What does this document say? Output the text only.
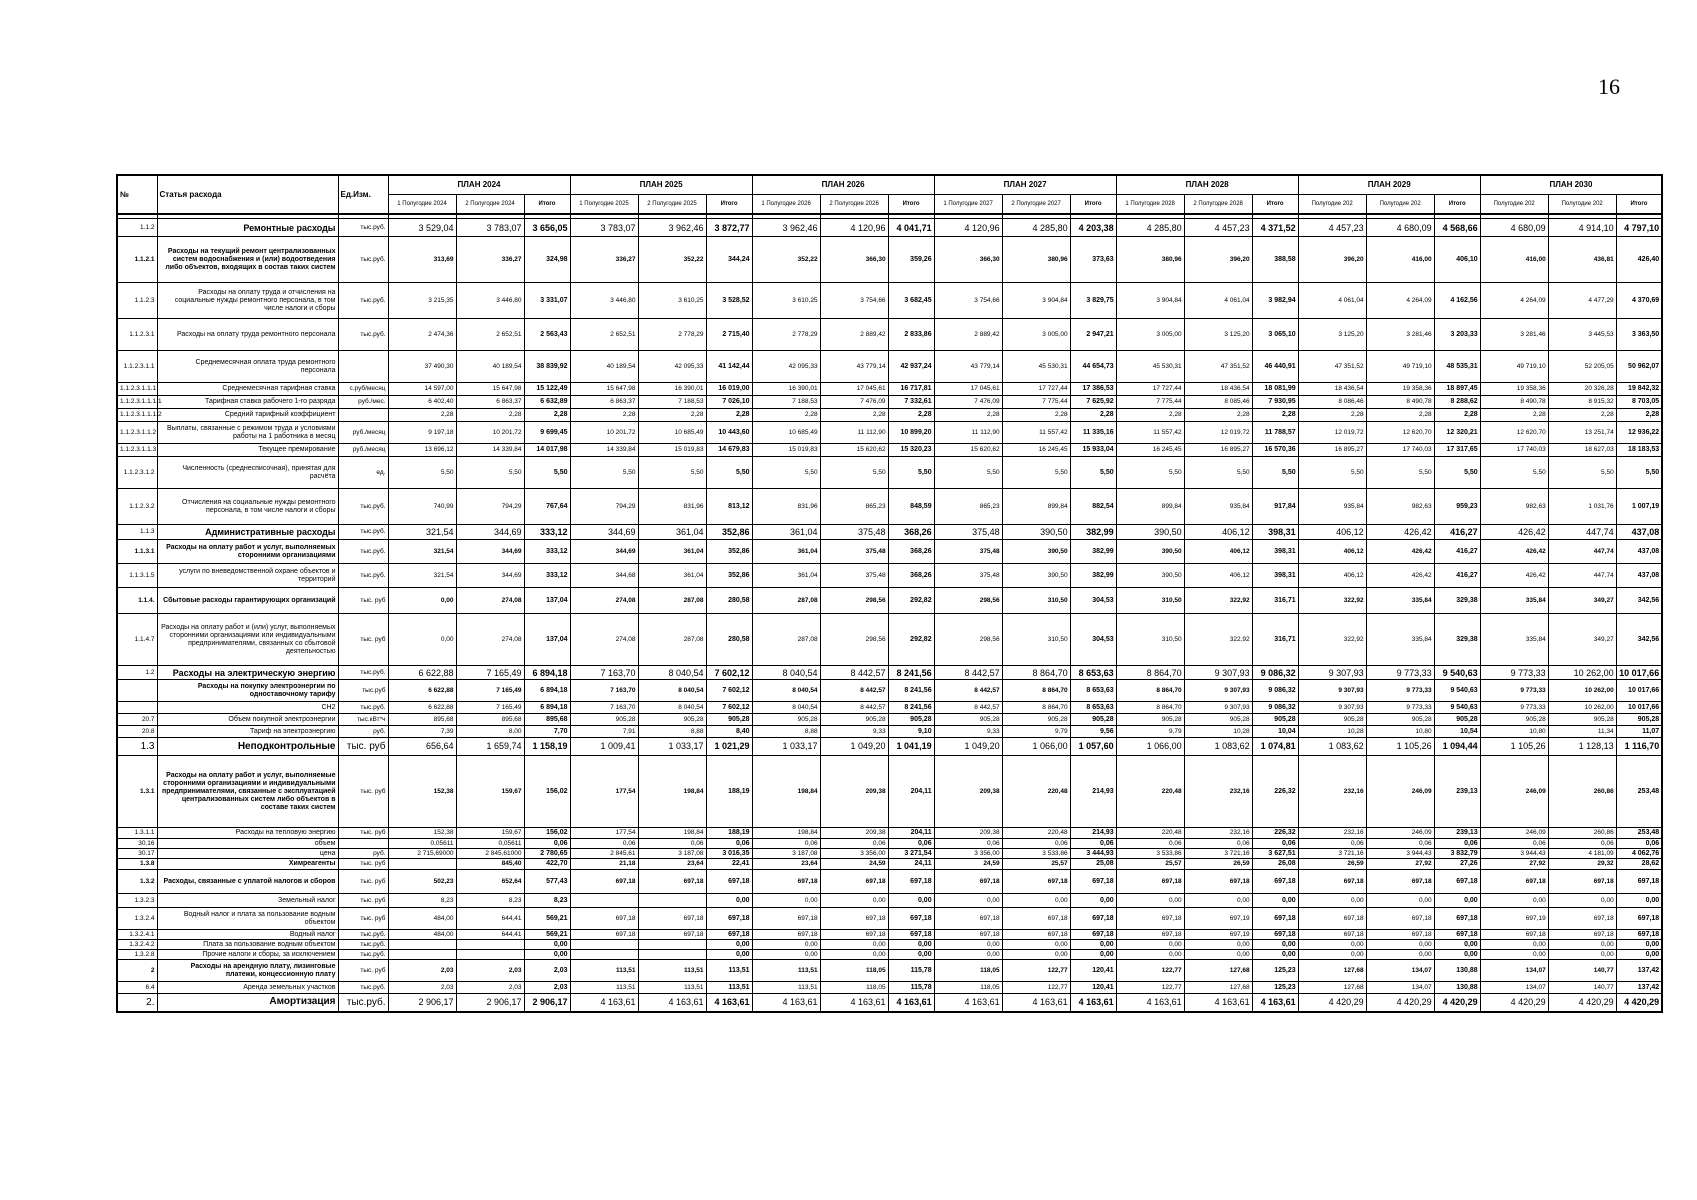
16
№	Статья расхода	Ед.Изм.	ПЛАН 2024			ПЛАН 2025			ПЛАН 2026			ПЛАН 2027			ПЛАН 2028			ПЛАН 2029			ПЛАН 2030		
			1 Полугодие 2024	2 Полугодие 2024	Итого	1 Полугодие 2025	2 Полугодие 2025	Итого	1 Полугодие 2026	2 Полугодие 2026	Итого	1 Полугодие 2027	2 Полугодие 2027	Итого	1 Полугодие 2028	2 Полугодие 2028	Итого	Полугодие 202	Полугодие 202	Итого	Полугодие 202	Полугодие 202	Итого

1.1.2	Ремонтные расходы	тыс.руб.	3 529,04	3 783,07	3 656,05	3 783,07	3 962,46	3 872,77	3 962,46	4 120,96	4 041,71	4 120,96	4 285,80	4 203,38	4 285,80	4 457,23	4 371,52	4 457,23	4 680,09	4 568,66	4 680,09	4 914,10	4 797,10
1.1.2.1	Расходы на текущий ремонт централизованных систем водоснабжения и (или) водоотведения либо объектов, входящих в состав таких систем	тыс.руб.	313,69	336,27	324,98	336,27	352,22	344,24	352,22	366,30	359,26	366,30	380,96	373,63	380,96	396,20	388,58	396,20	416,00	406,10	416,00	436,81	426,40
1.1.2.3	Расходы на оплату труда и отчисления на социальные нужды ремонтного персонала, в том числе налоги и сборы	тыс.руб.	3 215,35	3 446,80	3 331,07	3 446,80	3 610,25	3 528,52	3 610,25	3 754,66	3 682,45	3 754,66	3 904,84	3 829,75	3 904,84	4 061,04	3 982,94	4 061,04	4 264,09	4 162,56	4 264,09	4 477,29	4 370,69
1.1.2.3.1	Расходы на оплату труда ремонтного персонала	тыс.руб.	2 474,36	2 652,51	2 563,43	2 652,51	2 778,29	2 715,40	2 778,29	2 889,42	2 833,86	2 889,42	3 005,00	2 947,21	3 005,00	3 125,20	3 065,10	3 125,20	3 281,46	3 203,33	3 281,46	3 445,53	3 363,50
1.1.2.3.1.1	Среднемесячная оплата труда ремонтного персонала		37 490,30	40 189,54	38 839,92	40 189,54	42 095,33	41 142,44	42 095,33	43 779,14	42 937,24	43 779,14	45 530,31	44 654,73	45 530,31	47 351,52	46 440,91	47 351,52	49 719,10	48 535,31	49 719,10	52 205,05	50 962,07
1.1.2.3.1.1.1	Среднемесячная тарифная ставка	с.руб/месяц	14 597,00	15 647,98	15 122,49	15 647,98	16 390,01	16 019,00	16 390,01	17 045,61	16 717,81	17 045,61	17 727,44	17 386,53	17 727,44	18 436,54	18 081,99	18 436,54	19 358,36	18 897,45	19 358,36	20 326,28	19 842,32
1.1.2.3.1.1.1.1	Тарифная ставка рабочего 1-го разряда	руб./мес.	6 402,40	6 863,37	6 632,89	6 863,37	7 188,53	7 026,10	7 188,53	7 476,09	7 332,61	7 476,09	7 775,44	7 625,92	7 775,44	8 085,46	7 930,95	8 086,46	8 490,78	8 288,62	8 490,78	8 915,32	8 703,05
1.1.2.3.1.1.1.2	Средний тарифный коэффициент		2,28	2,28	2,28	2,28	2,28	2,28	2,28	2,28	2,28	2,28	2,28	2,28	2,28	2,28	2,28	2,28	2,28	2,28	2,28	2,28	2,28
1.1.2.3.1.1.2	Выплаты, связанные с режимом труда и условиями работы на 1 работника в месяц	руб./месяц	9 197,18	10 201,72	9 699,45	10 201,72	10 685,49	10 443,60	10 685,49	11 112,90	10 899,20	11 112,90	11 557,42	11 335,16	11 557,42	12 019,72	11 788,57	12 019,72	12 620,70	12 320,21	12 620,70	13 251,74	12 936,22
1.1.2.3.1.1.3	Текущее премирование	руб./месяц	13 696,12	14 339,84	14 017,98	14 339,84	15 019,83	14 679,83	15 019,83	15 620,62	15 320,23	15 620,62	16 245,45	15 933,04	16 245,45	16 895,27	16 570,36	16 895,27	17 740,03	17 317,65	17 740,03	18 627,03	18 183,53
1.1.2.3.1.2	Численность (среднесписочная), принятая для расчёта	ед.	5,50	5,50	5,50	5,50	5,50	5,50	5,50	5,50	5,50	5,50	5,50	5,50	5,50	5,50	5,50	5,50	5,50	5,50	5,50	5,50	5,50
1.1.2.3.2	Отчисления на социальные нужды ремонтного персонала, в том числе налоги и сборы	тыс.руб.	740,99	794,29	767,64	794,29	831,96	813,12	831,96	865,23	848,59	865,23	899,84	882,54	899,84	935,84	917,84	935,84	982,63	959,23	982,63	1 031,76	1 007,19
1.1.3	Административные расходы	тыс.руб.	321,54	344,69	333,12	344,69	361,04	352,86	361,04	375,48	368,26	375,48	390,50	382,99	390,50	406,12	398,31	406,12	426,42	416,27	426,42	447,74	437,08
1.1.3.1	Расходы на оплату работ и услуг, выполняемых сторонними организациями	тыс.руб.	321,54	344,69	333,12	344,69	361,04	352,86	361,04	375,48	368,26	375,48	390,50	382,99	390,50	406,12	398,31	406,12	426,42	416,27	426,42	447,74	437,08
1.1.3.1.5	услуги по вневедомственной охране объектов и территорий	тыс.руб.	321,54	344,69	333,12	344,68	361,04	352,86	361,04	375,48	368,26	375,48	390,50	382,99	390,50	406,12	398,31	406,12	426,42	416,27	426,42	447,74	437,08
1.1.4.	Сбытовые расходы гарантирующих организаций	тыс. руб	0,00	274,08	137,04	274,08	287,08	280,58	287,08	298,56	292,82	298,56	310,50	304,53	310,50	322,92	316,71	322,92	335,84	329,38	335,84	349,27	342,56
1.1.4.7	Расходы на оплату работ и (или) услуг, выполняемых сторонними организациями или индивидуальными предпринимателями, связанных со сбытовой деятельностью	тыс. руб	0,00	274,08	137,04	274,08	287,08	280,58	287,08	298,56	292,82	298,56	310,50	304,53	310,50	322,92	316,71	322,92	335,84	329,38	335,84	349,27	342,56
1.2	Расходы на электрическую энергию	тыс.руб.	6 622,88	7 165,49	6 894,18	7 163,70	8 040,54	7 602,12	8 040,54	8 442,57	8 241,56	8 442,57	8 864,70	8 653,63	8 864,70	9 307,93	9 086,32	9 307,93	9 773,33	9 540,63	9 773,33	10 262,00	10 017,66
	Расходы на покупку электроэнергии по одноставочному тарифу	тыс.руб	6 622,88	7 165,49	6 894,18	7 163,70	8 040,54	7 602,12	8 040,54	8 442,57	8 241,56	8 442,57	8 864,70	8 653,63	8 864,70	9 307,93	9 086,32	9 307,93	9 773,33	9 540,63	9 773,33	10 262,00	10 017,66
	СН2	тыс.руб.	6 622,88	7 165,49	6 894,18	7 163,70	8 040,54	7 602,12	8 040,54	8 442,57	8 241,56	8 442,57	8 864,70	8 653,63	8 864,70	9 307,93	9 086,32	9 307,93	9 773,33	9 540,63	9 773,33	10 262,00	10 017,66
20.7	Объем покупной электроэнергии	тыс.кВт*ч	895,68	895,68	895,68	905,28	905,28	905,28	905,28	905,28	905,28	905,28	905,28	905,28	905,28	905,28	905,28	905,28	905,28	905,28	905,28	905,28	905,28
20.8	Тариф на электроэнергию	руб.	7,39	8,00	7,70	7,91	8,88	8,40	8,88	9,33	9,10	9,33	9,79	9,56	9,79	10,28	10,04	10,28	10,80	10,54	10,80	11,34	11,07
1.3	Неподконтрольные	тыс. руб	656,64	1 659,74	1 158,19	1 009,41	1 033,17	1 021,29	1 033,17	1 049,20	1 041,19	1 049,20	1 066,00	1 057,60	1 066,00	1 083,62	1 074,81	1 083,62	1 105,26	1 094,44	1 105,26	1 128,13	1 116,70
1.3.1	Расходы на оплату работ и услуг, выполняемые сторонними организациями и индивидуальными предпринимателями, связанные с эксплуатацией централизованных систем либо объектов в составе таких систем	тыс. руб	152,38	159,67	156,02	177,54	198,84	188,19	198,84	209,38	204,11	209,38	220,48	214,93	220,48	232,16	226,32	232,16	246,09	239,13	246,09	260,86	253,48
1.3.1.1	Расходы на тепловую энергию	тыс. руб	152,38	159,67	156,02	177,54	198,84	188,19	198,84	209,38	204,11	209,38	220,48	214,93	220,48	232,16	226,32	232,16	246,09	239,13	246,09	260,86	253,48
30.16	объем		0,05611	0,05611	0,06	0,06	0,06	0,06	0,06	0,06	0,06	0,06	0,06	0,06	0,06	0,06	0,06	0,06	0,06	0,06	0,06	0,06	0,06
30.17	цена	руб.	2 715,69000	2 845,61000	2 780,65	2 845,61	3 187,08	3 016,35	3 187,08	3 356,00	3 271,54	3 356,00	3 533,86	3 444,93	3 533,86	3 721,16	3 627,51	3 721,16	3 944,43	3 832,79	3 944,43	4 181,09	4 062,76
1.3.8	Химреагенты	тыс. руб		845,40	422,70	21,18	23,64	22,41	23,64	24,59	24,11	24,59	25,57	25,08	25,57	26,59	26,08	26,59	27,92	27,26	27,92	29,32	28,62
1.3.2	Расходы, связанные с уплатой налогов и сборов	тыс. руб	502,23	652,64	577,43	697,18	697,18	697,18	697,18	697,18	697,18	697,18	697,18	697,18	697,18	697,18	697,18	697,18	697,18	697,18	697,18	697,18	697,18
1.3.2.3	Земельный налог	тыс. руб	8,23	8,23	8,23			0,00	0,00	0,00	0,00	0,00	0,00	0,00	0,00	0,00	0,00	0,00	0,00	0,00	0,00	0,00	0,00
1.3.2.4	Водный налог и плата за пользование водным объектом	тыс. руб	484,00	644,41	569,21	697,18	697,18	697,18	697,18	697,18	697,18	697,18	697,18	697,18	697,18	697,19	697,18	697,18	697,18	697,18	697,19	697,18	697,18
1.3.2.4.1	Водный налог	тыс.руб.	484,00	644,41	569,21	697,18	697,18	697,18	697,18	697,18	697,18	697,18	697,18	697,18	697,18	697,19	697,18	697,18	697,18	697,18	697,18	697,18	697,18
1.3.2.4.2	Плата за пользование водным объектом	тыс.руб.			0,00			0,00	0,00	0,00	0,00	0,00	0,00	0,00	0,00	0,00	0,00	0,00	0,00	0,00	0,00	0,00	0,00
1.3.2.8	Прочие налоги и сборы, за исключением	тыс.руб.			0,00			0,00	0,00	0,00	0,00	0,00	0,00	0,00	0,00	0,00	0,00	0,00	0,00	0,00	0,00	0,00	0,00
2	Расходы на арендную плату, лизинговые платежи, концессионную плату	тыс. руб	2,03	2,03	2,03	113,51	113,51	113,51	113,51	118,05	115,78	118,05	122,77	120,41	122,77	127,68	125,23	127,68	134,07	130,88	134,07	140,77	137,42
6.4	Аренда земельных участков	тыс.руб.	2,03	2,03	2,03	113,51	113,51	113,51	113,51	118,05	115,78	118,05	122,77	120,41	122,77	127,68	125,23	127,68	134,07	130,88	134,07	140,77	137,42
2.	Амортизация	тыс.руб.	2 906,17	2 906,17	2 906,17	4 163,61	4 163,61	4 163,61	4 163,61	4 163,61	4 163,61	4 163,61	4 163,61	4 163,61	4 163,61	4 163,61	4 163,61	4 420,29	4 420,29	4 420,29	4 420,29	4 420,29	4 420,29
